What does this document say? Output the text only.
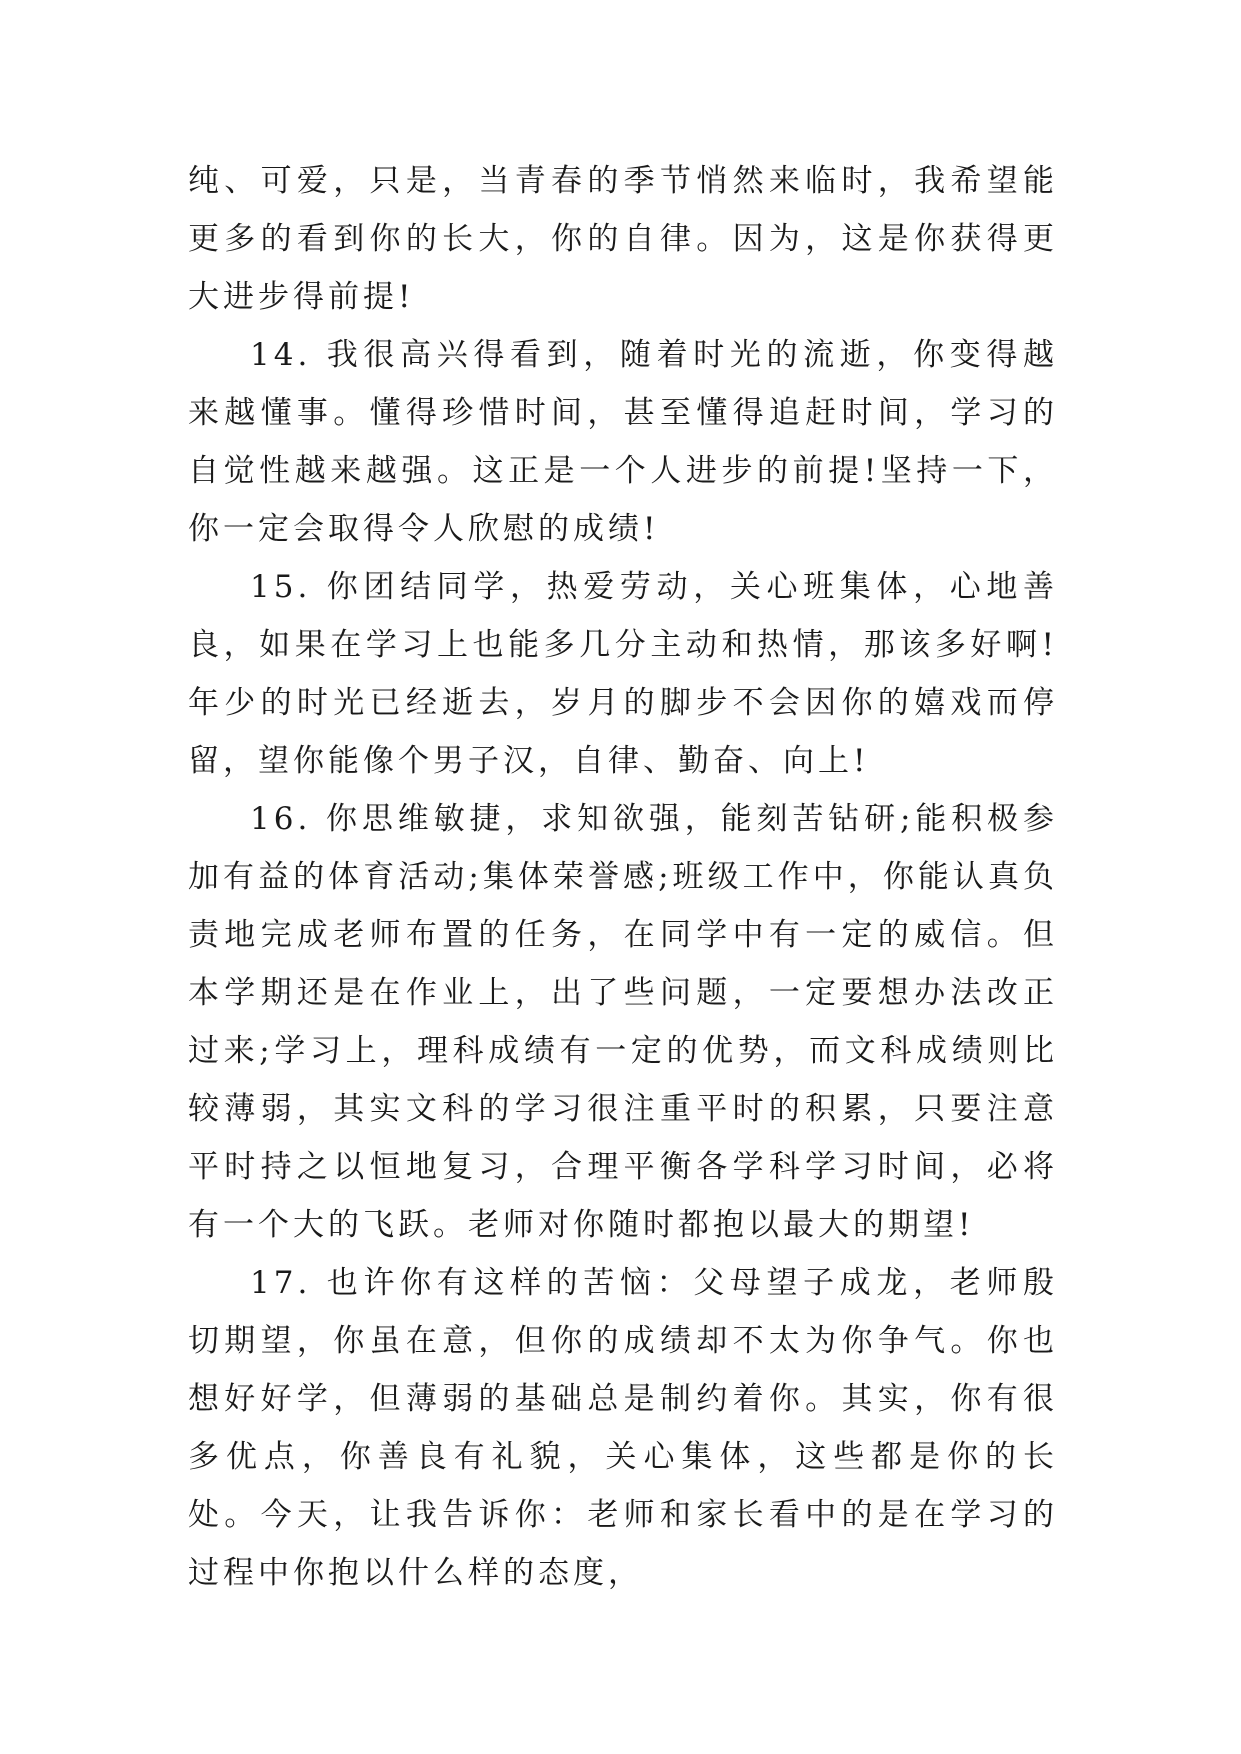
纯、可爱，只是，当青春的季节悄然来临时，我希望能更多的看到你的长大，你的自律。因为，这是你获得更大进步得前提!

14. 我很高兴得看到，随着时光的流逝，你变得越来越懂事。懂得珍惜时间，甚至懂得追赶时间，学习的自觉性越来越强。这正是一个人进步的前提!坚持一下，你一定会取得令人欣慰的成绩!

15. 你团结同学，热爱劳动，关心班集体，心地善良，如果在学习上也能多几分主动和热情，那该多好啊!年少的时光已经逝去，岁月的脚步不会因你的嬉戏而停留，望你能像个男子汉，自律、勤奋、向上!

16. 你思维敏捷，求知欲强，能刻苦钻研;能积极参加有益的体育活动;集体荣誉感;班级工作中，你能认真负责地完成老师布置的任务，在同学中有一定的威信。但本学期还是在作业上，出了些问题，一定要想办法改正过来;学习上，理科成绩有一定的优势，而文科成绩则比较薄弱，其实文科的学习很注重平时的积累，只要注意平时持之以恒地复习，合理平衡各学科学习时间，必将有一个大的飞跃。老师对你随时都抱以最大的期望!

17. 也许你有这样的苦恼：父母望子成龙，老师殷切期望，你虽在意，但你的成绩却不太为你争气。你也想好好学，但薄弱的基础总是制约着你。其实，你有很多优点，你善良有礼貌，关心集体，这些都是你的长处。今天，让我告诉你：老师和家长看中的是在学习的过程中你抱以什么样的态度，
